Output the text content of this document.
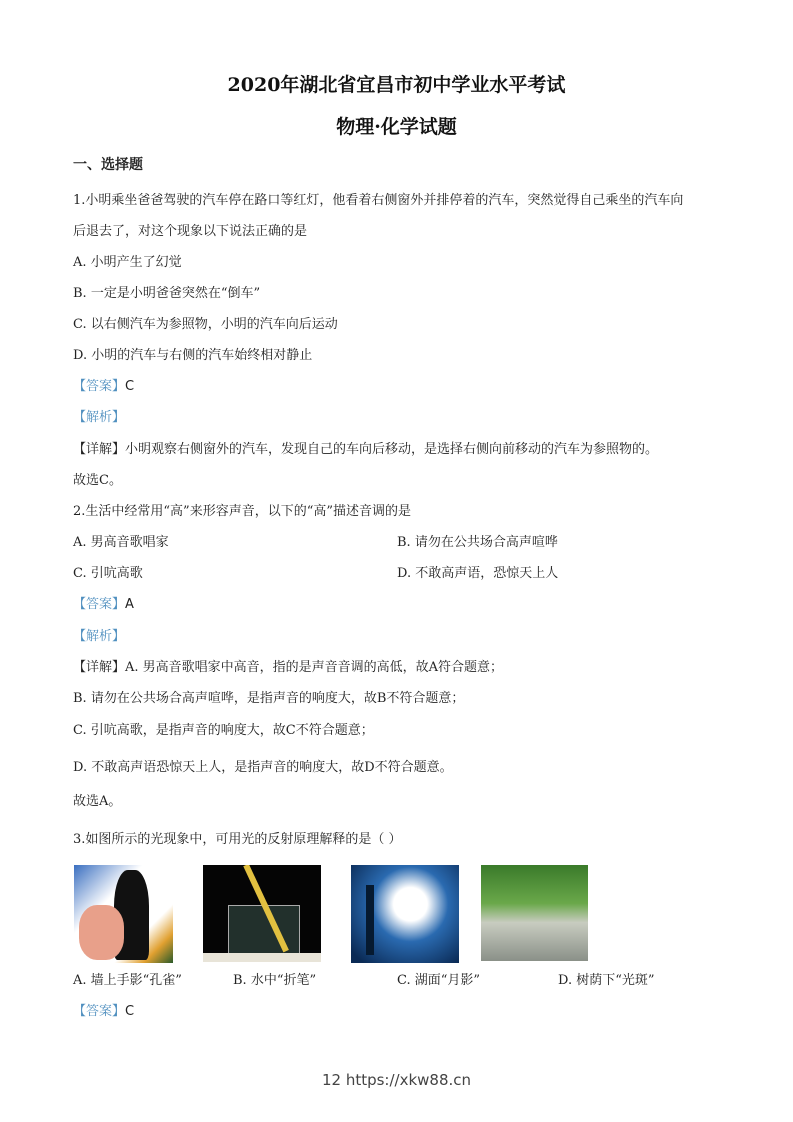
2020年湖北省宜昌市初中学业水平考试
物理·化学试题
一、选择题
1.小明乘坐爸爸驾驶的汽车停在路口等红灯，他看着右侧窗外并排停着的汽车，突然觉得自己乘坐的汽车向
后退去了，对这个现象以下说法正确的是
A. 小明产生了幻觉
B. 一定是小明爸爸突然在“倒车”
C. 以右侧汽车为参照物，小明的汽车向后运动
D. 小明的汽车与右侧的汽车始终相对静止
【答案】C
【解析】
【详解】小明观察右侧窗外的汽车，发现自己的车向后移动，是选择右侧向前移动的汽车为参照物的。
故选C。
2.生活中经常用“高”来形容声音，以下的“高”描述音调的是
A. 男高音歌唱家	B. 请勿在公共场合高声喧哗
C. 引吭高歌	D. 不敢高声语，恐惊天上人
【答案】A
【解析】
【详解】A. 男高音歌唱家中高音，指的是声音音调的高低，故A符合题意；
B. 请勿在公共场合高声喧哗，是指声音的响度大，故B不符合题意；
C. 引吭高歌，是指声音的响度大，故C不符合题意；
D. 不敢高声语恐惊天上人，是指声音的响度大，故D不符合题意。
故选A。
3.如图所示的光现象中，可用光的反射原理解释的是（ ）
A. 墙上手影“孔雀”	B. 水中“折笔”	C. 湖面“月影”	D. 树荫下“光斑”
【答案】C
12 https://xkw88.cn
